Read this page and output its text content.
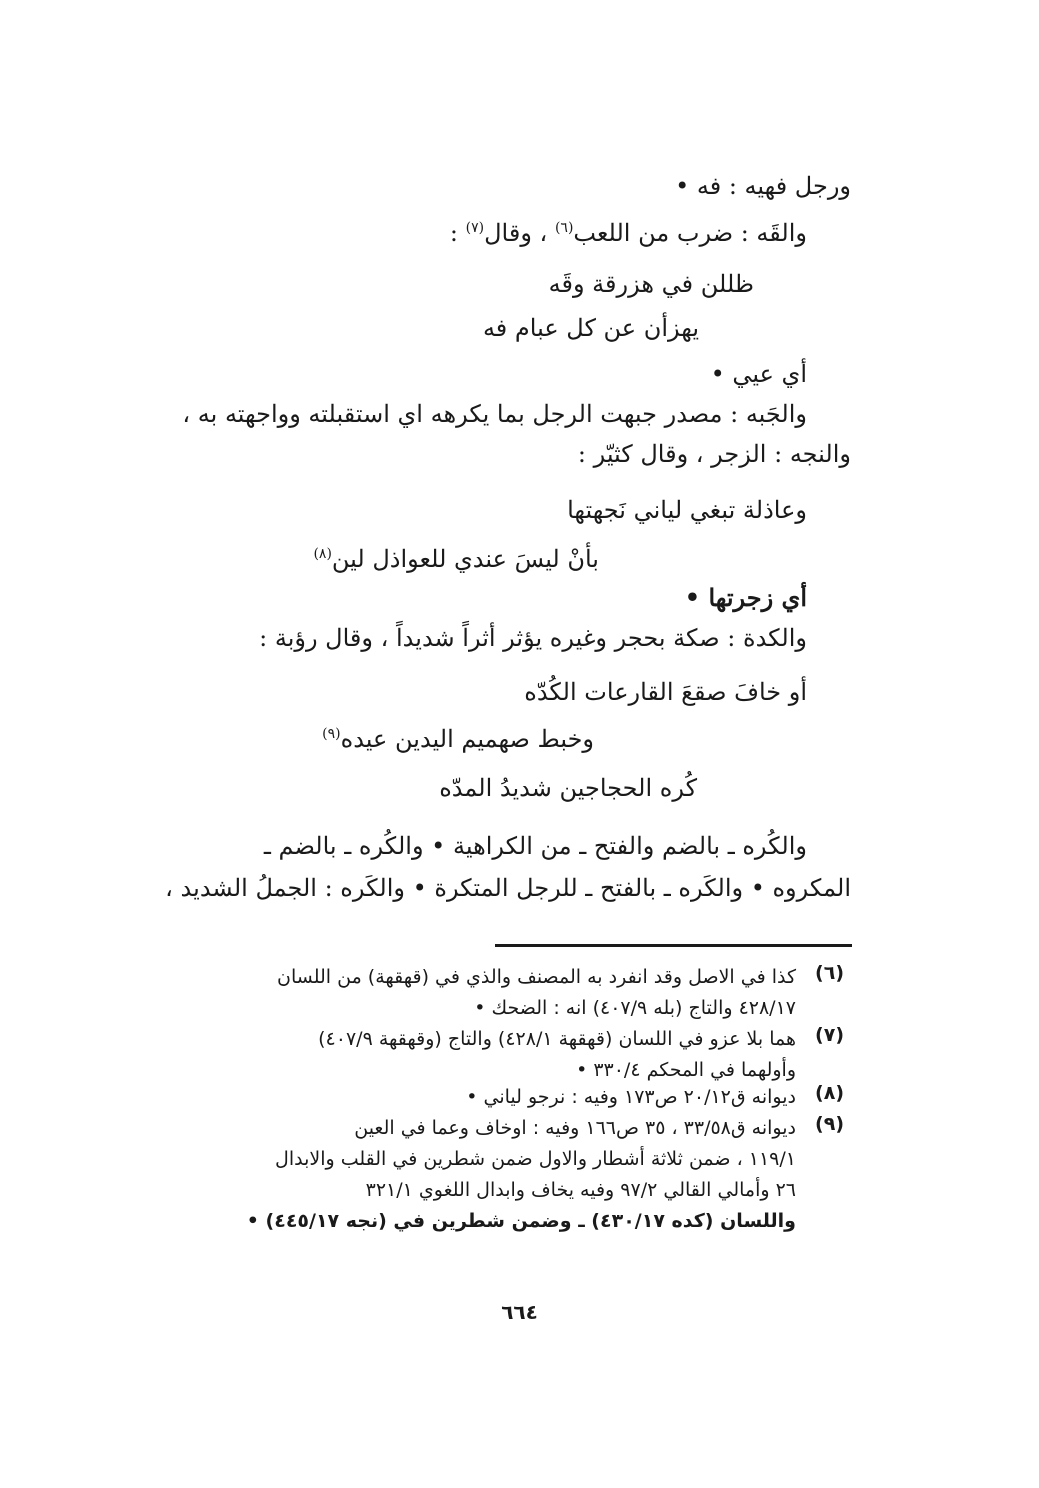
ورجل فهيه : فه •
والقَه : ضرب من اللعب$^{(٦)}$ ، وقال$^{(٧)}$ :
ظللن في هزرقة وقَه
يهزأن عن كل عبام فه
أي عيي •
والجَبه : مصدر جبهت الرجل بما يكرهه اي استقبلته وواجهته به ،
والنجه : الزجر ، وقال كثيّر :
وعاذلة تبغي لياني نَجهتها
بأنْ ليسَ عندي للعواذل لين$^{(٨)}$
أي زجرتها •
والكدة : صكة بحجر وغيره يؤثر أثراً شديداً ، وقال رؤبة :
أو خافَ صقعَ القارعات الكُدّه
وخبط صهميم اليدين عيده$^{(٩)}$
كُره الحجاجين شديدُ المدّه
والكُره ـ بالضم والفتح ـ من الكراهية • والكُره ـ بالضم ـ
المكروه • والكَره ـ بالفتح ـ للرجل المتكرة • والكَره : الجملُ الشديد ،
(٦)
كذا في الاصل وقد انفرد به المصنف والذي في (قهقهة) من اللسان
٤٢٨/١٧ والتاج (بله ٤٠٧/٩) انه : الضحك •
(٧)
هما بلا عزو في اللسان (قهقهة ٤٢٨/١) والتاج (وقهقهة ٤٠٧/٩)
وأولهما في المحكم ٣٣٠/٤ •
(٨)
ديوانه ق٢٠/١٢ ص١٧٣ وفيه : نرجو لياني •
(٩)
ديوانه ق٣٣/٥٨ ، ٣٥ ص١٦٦ وفيه : اوخاف وعما في العين
١١٩/١ ، ضمن ثلاثة أشطار والاول ضمن شطرين في القلب والابدال
٢٦ وأمالي القالي ٩٧/٢ وفيه يخاف وابدال اللغوي ٣٢١/١
واللسان (كده ٤٣٠/١٧) ـ وضمن شطرين في (نجه ٤٤٥/١٧) •
٦٦٤
